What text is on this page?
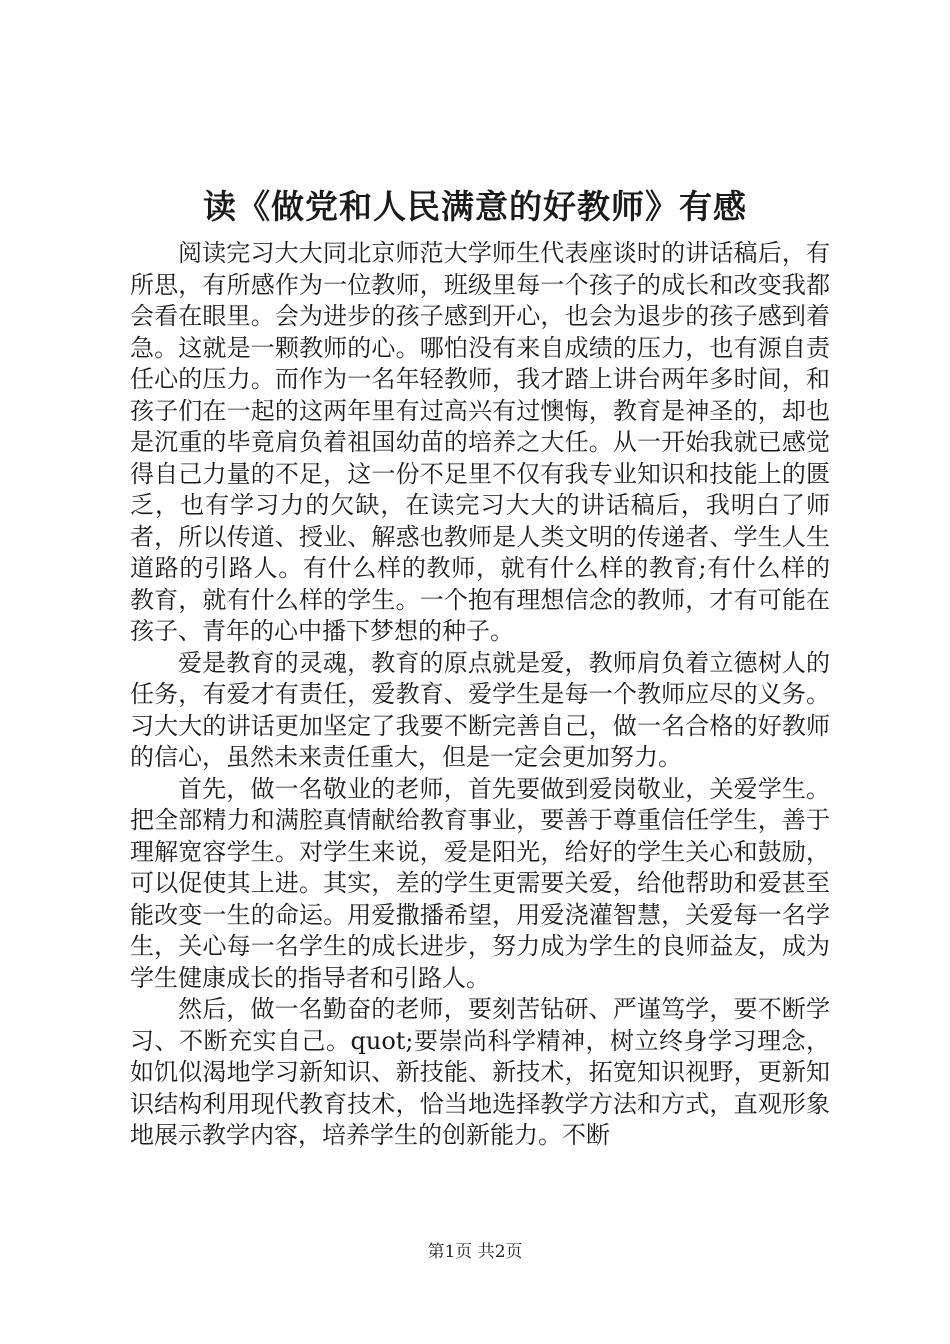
读《做党和人民满意的好教师》有感

阅读完习大大同北京师范大学师生代表座谈时的讲话稿后，有所思，有所感作为一位教师，班级里每一个孩子的成长和改变我都会看在眼里。会为进步的孩子感到开心，也会为退步的孩子感到着急。这就是一颗教师的心。哪怕没有来自成绩的压力，也有源自责任心的压力。而作为一名年轻教师，我才踏上讲台两年多时间，和孩子们在一起的这两年里有过高兴有过懊悔，教育是神圣的，却也是沉重的毕竟肩负着祖国幼苗的培养之大任。从一开始我就已感觉得自己力量的不足，这一份不足里不仅有我专业知识和技能上的匮乏，也有学习力的欠缺，在读完习大大的讲话稿后，我明白了师者，所以传道、授业、解惑也教师是人类文明的传递者、学生人生道路的引路人。有什么样的教师，就有什么样的教育;有什么样的教育，就有什么样的学生。一个抱有理想信念的教师，才有可能在孩子、青年的心中播下梦想的种子。

爱是教育的灵魂，教育的原点就是爱，教师肩负着立德树人的任务，有爱才有责任，爱教育、爱学生是每一个教师应尽的义务。习大大的讲话更加坚定了我要不断完善自己，做一名合格的好教师的信心，虽然未来责任重大，但是一定会更加努力。

首先，做一名敬业的老师，首先要做到爱岗敬业，关爱学生。把全部精力和满腔真情献给教育事业，要善于尊重信任学生，善于理解宽容学生。对学生来说，爱是阳光，给好的学生关心和鼓励，可以促使其上进。其实，差的学生更需要关爱，给他帮助和爱甚至能改变一生的命运。用爱撒播希望，用爱浇灌智慧，关爱每一名学生，关心每一名学生的成长进步，努力成为学生的良师益友，成为学生健康成长的指导者和引路人。

然后，做一名勤奋的老师，要刻苦钻研、严谨笃学，要不断学习、不断充实自己。quot;要崇尚科学精神，树立终身学习理念，如饥似渴地学习新知识、新技能、新技术，拓宽知识视野，更新知识结构利用现代教育技术，恰当地选择教学方法和方式，直观形象地展示教学内容，培养学生的创新能力。不断

第1页 共2页
